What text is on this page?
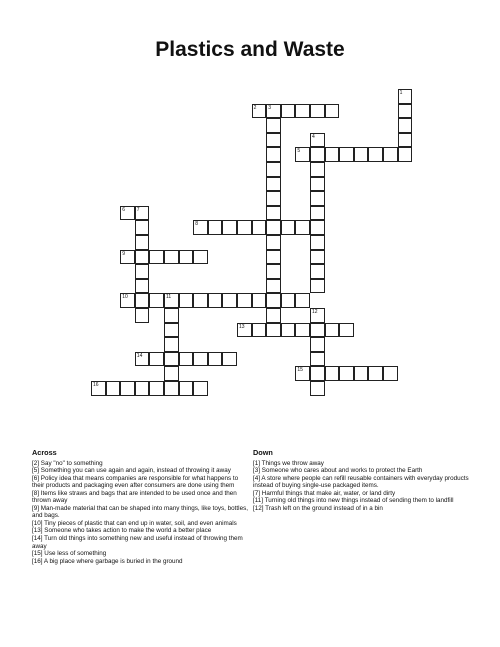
Plastics and Waste
2 3
5
6 7
8
9
10	11
13
14
15
16
1
4
12
Across
[2] Say "no" to something
[5] Something you can use again and again, instead of throwing it away
[6] Policy idea that means companies are responsible for what happens to their products and packaging even after consumers are done using them
[8] Items like straws and bags that are intended to be used once and then thrown away
[9] Man-made material that can be shaped into many things, like toys, bottles, and bags.
[10] Tiny pieces of plastic that can end up in water, soil, and even animals
[13] Someone who takes action to make the world a better place
[14] Turn old things into something new and useful instead of throwing them away
[15] Use less of something
[16] A big place where garbage is buried in the ground
Down
[1] Things we throw away
[3] Someone who cares about and works to protect the Earth
[4] A store where people can refill reusable containers with everyday products instead of buying single-use packaged items.
[7] Harmful things that make air, water, or land dirty
[11] Turning old things into new things instead of sending them to landfill
[12] Trash left on the ground instead of in a bin
